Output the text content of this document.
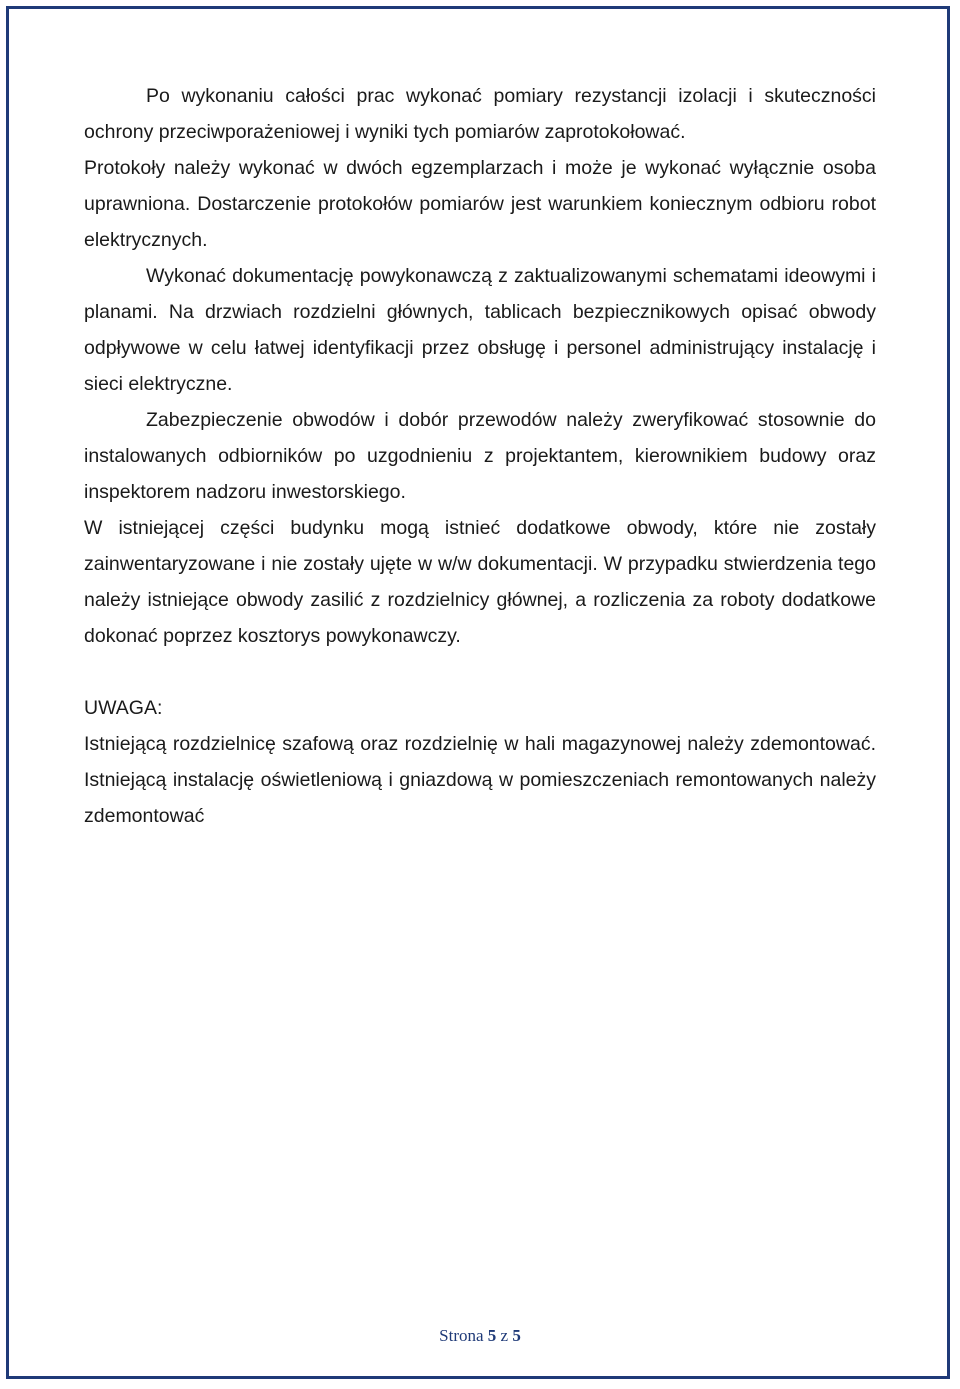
Po wykonaniu całości prac wykonać pomiary rezystancji izolacji i skuteczności ochrony przeciwporażeniowej i wyniki tych pomiarów zaprotokołować.

Protokoły należy wykonać w dwóch egzemplarzach i może je wykonać wyłącznie osoba uprawniona. Dostarczenie protokołów pomiarów jest warunkiem koniecznym odbioru robot elektrycznych.

Wykonać dokumentację powykonawczą z zaktualizowanymi schematami ideowymi i planami. Na drzwiach rozdzielni głównych, tablicach bezpiecznikowych opisać obwody odpływowe w celu łatwej identyfikacji przez obsługę i personel administrujący instalację i sieci elektryczne.

Zabezpieczenie obwodów i dobór przewodów należy zweryfikować stosownie do instalowanych odbiorników po uzgodnieniu z projektantem, kierownikiem budowy oraz inspektorem nadzoru inwestorskiego.

W istniejącej części budynku mogą istnieć dodatkowe obwody, które nie zostały zainwentaryzowane i nie zostały ujęte w w/w dokumentacji. W przypadku stwierdzenia tego należy istniejące obwody zasilić z rozdzielnicy głównej, a rozliczenia za roboty dodatkowe dokonać poprzez kosztorys powykonawczy.

UWAGA:

Istniejącą rozdzielnicę szafową oraz rozdzielnię w hali magazynowej należy zdemontować. Istniejącą instalację oświetleniową i gniazdową w pomieszczeniach remontowanych należy zdemontować

Strona 5 z 5
